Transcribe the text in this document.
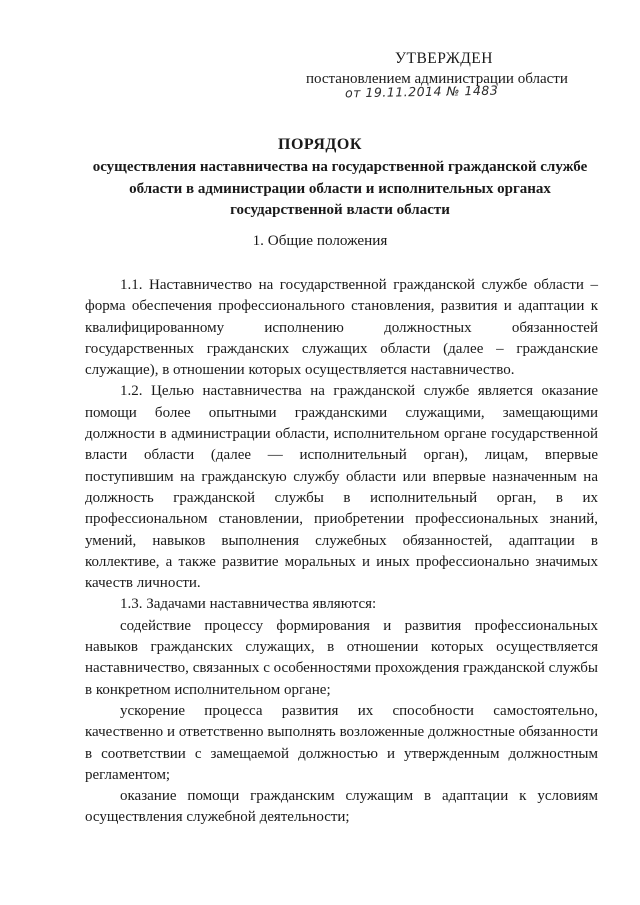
УТВЕРЖДЕН
постановлением администрации области
от 19.11.2014 № 1483
ПОРЯДОК
осуществления наставничества на государственной гражданской службе области в администрации области и исполнительных органах государственной власти области
1. Общие положения

1.1. Наставничество на государственной гражданской службе области – форма обеспечения профессионального становления, развития и адаптации к квалифицированному исполнению должностных обязанностей государственных гражданских служащих области (далее – гражданские служащие), в отношении которых осуществляется наставничество.

1.2. Целью наставничества на гражданской службе является оказание помощи более опытными гражданскими служащими, замещающими должности в администрации области, исполнительном органе государственной власти области (далее — исполнительный орган), лицам, впервые поступившим на гражданскую службу области или впервые назначенным на должность гражданской службы в исполнительный орган, в их профессиональном становлении, приобретении профессиональных знаний, умений, навыков выполнения служебных обязанностей, адаптации в коллективе, а также развитие моральных и иных профессионально значимых качеств личности.

1.3. Задачами наставничества являются:

содействие процессу формирования и развития профессиональных навыков гражданских служащих, в отношении которых осуществляется наставничество, связанных с особенностями прохождения гражданской службы в конкретном исполнительном органе;

ускорение процесса развития их способности самостоятельно, качественно и ответственно выполнять возложенные должностные обязанности в соответствии с замещаемой должностью и утвержденным должностным регламентом;

оказание помощи гражданским служащим в адаптации к условиям осуществления служебной деятельности;
